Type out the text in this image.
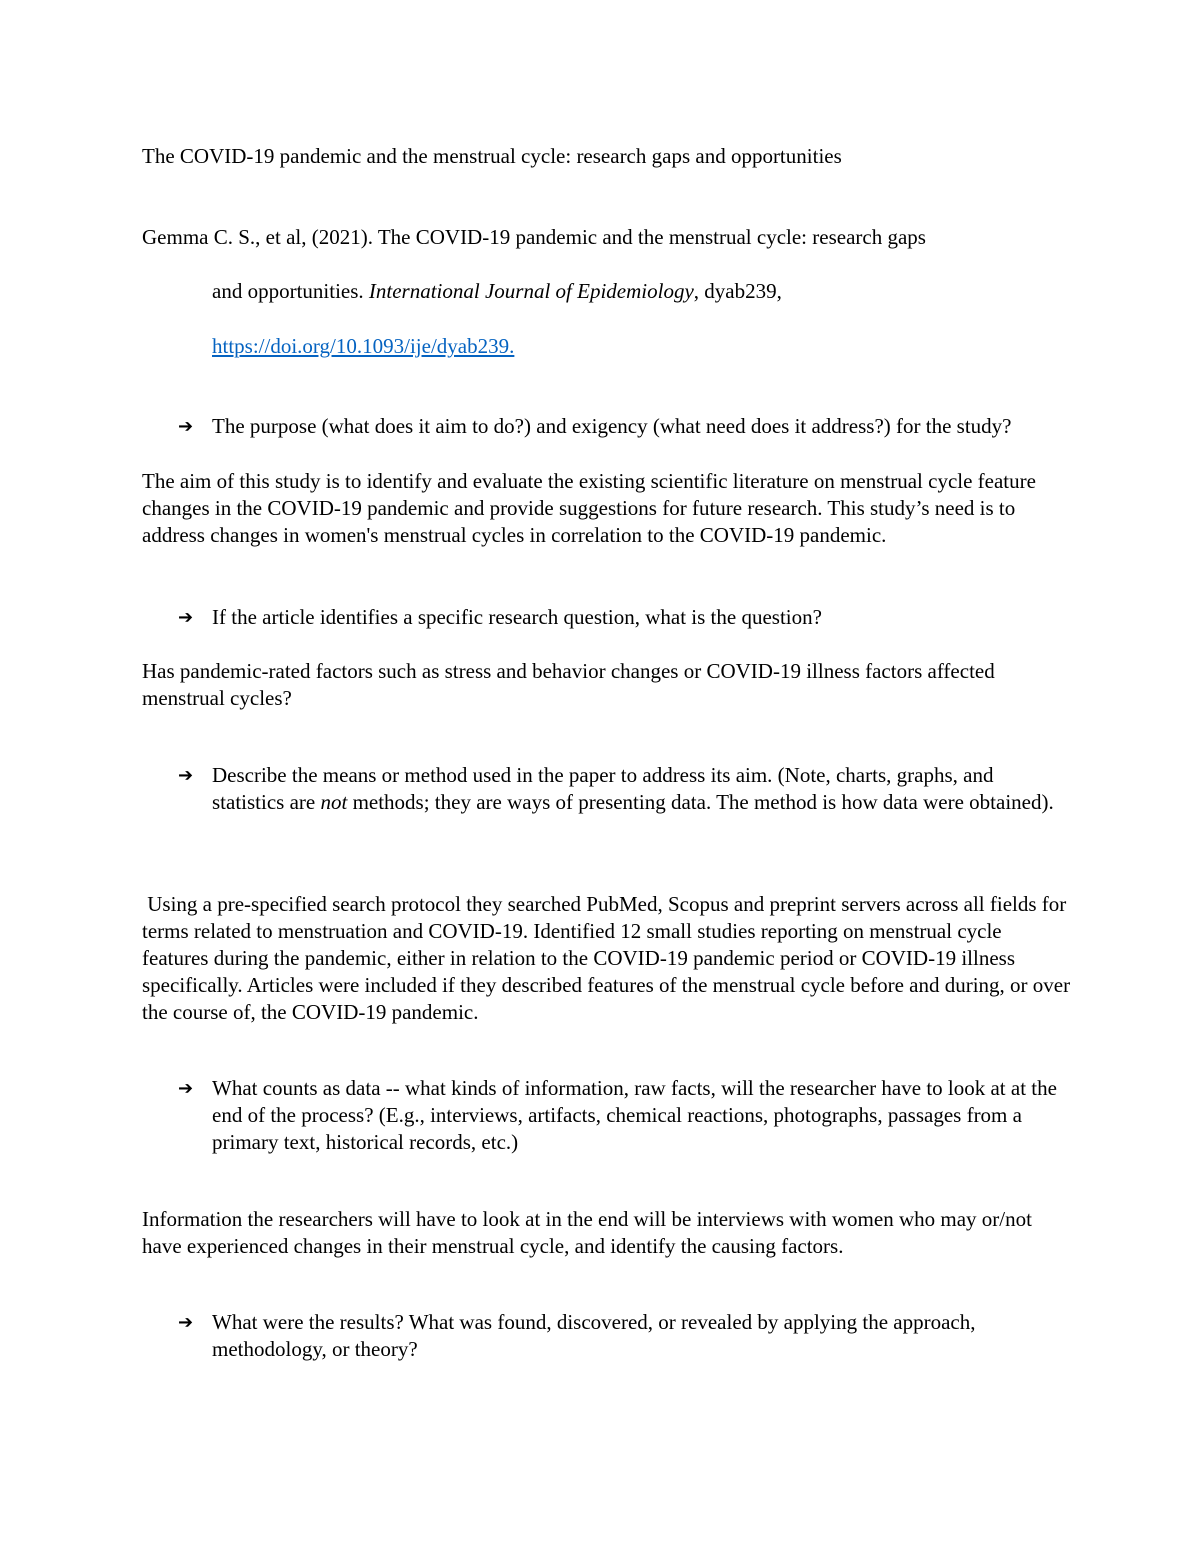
The COVID-19 pandemic and the menstrual cycle: research gaps and opportunities
Gemma C. S., et al, (2021). The COVID-19 pandemic and the menstrual cycle: research gaps
and opportunities. International Journal of Epidemiology, dyab239,
https://doi.org/10.1093/ije/dyab239.
➔ The purpose (what does it aim to do?) and exigency (what need does it address?) for the study?
The aim of this study is to identify and evaluate the existing scientific literature on menstrual cycle feature changes in the COVID-19 pandemic and provide suggestions for future research. This study’s need is to address changes in women's menstrual cycles in correlation to the COVID-19 pandemic.
➔ If the article identifies a specific research question, what is the question?
Has pandemic-rated factors such as stress and behavior changes or COVID-19 illness factors affected menstrual cycles?
➔ Describe the means or method used in the paper to address its aim. (Note, charts, graphs, and statistics are not methods; they are ways of presenting data. The method is how data were obtained).
Using a pre-specified search protocol they searched PubMed, Scopus and preprint servers across all fields for terms related to menstruation and COVID-19. Identified 12 small studies reporting on menstrual cycle features during the pandemic, either in relation to the COVID-19 pandemic period or COVID-19 illness specifically. Articles were included if they described features of the menstrual cycle before and during, or over the course of, the COVID-19 pandemic.
➔ What counts as data -- what kinds of information, raw facts, will the researcher have to look at at the end of the process? (E.g., interviews, artifacts, chemical reactions, photographs, passages from a primary text, historical records, etc.)
Information the researchers will have to look at in the end will be interviews with women who may or/not have experienced changes in their menstrual cycle, and identify the causing factors.
➔ What were the results? What was found, discovered, or revealed by applying the approach, methodology, or theory?
